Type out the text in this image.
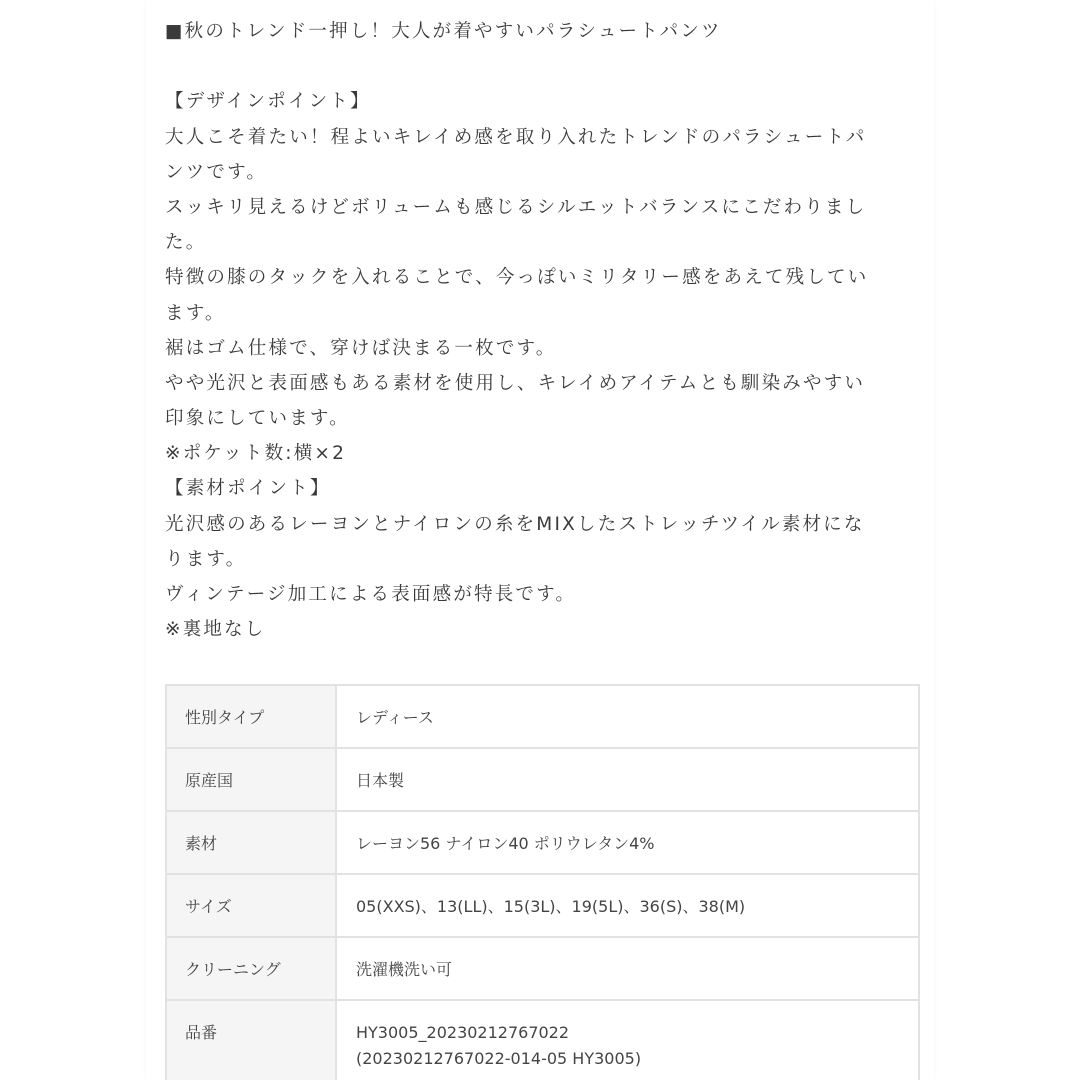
■秋のトレンド一押し！大人が着やすいパラシュートパンツ
【デザインポイント】
大人こそ着たい！程よいキレイめ感を取り入れたトレンドのパラシュートパ
ンツです。
スッキリ見えるけどボリュームも感じるシルエットバランスにこだわりまし
た。
特徴の膝のタックを入れることで、今っぽいミリタリー感をあえて残してい
ます。
裾はゴム仕様で、穿けば決まる一枚です。
やや光沢と表面感もある素材を使用し、キレイめアイテムとも馴染みやすい
印象にしています。
※ポケット数:横×2
【素材ポイント】
光沢感のあるレーヨンとナイロンの糸をMIXしたストレッチツイル素材にな
ります。
ヴィンテージ加工による表面感が特長です。
※裏地なし
性別タイプ	レディース
原産国	日本製
素材	レーヨン56 ナイロン40 ポリウレタン4%
サイズ	05(XXS)、13(LL)、15(3L)、19(5L)、36(S)、38(M)
クリーニング	洗濯機洗い可
品番	HY3005_20230212767022
(20230212767022-014-05 HY3005)
